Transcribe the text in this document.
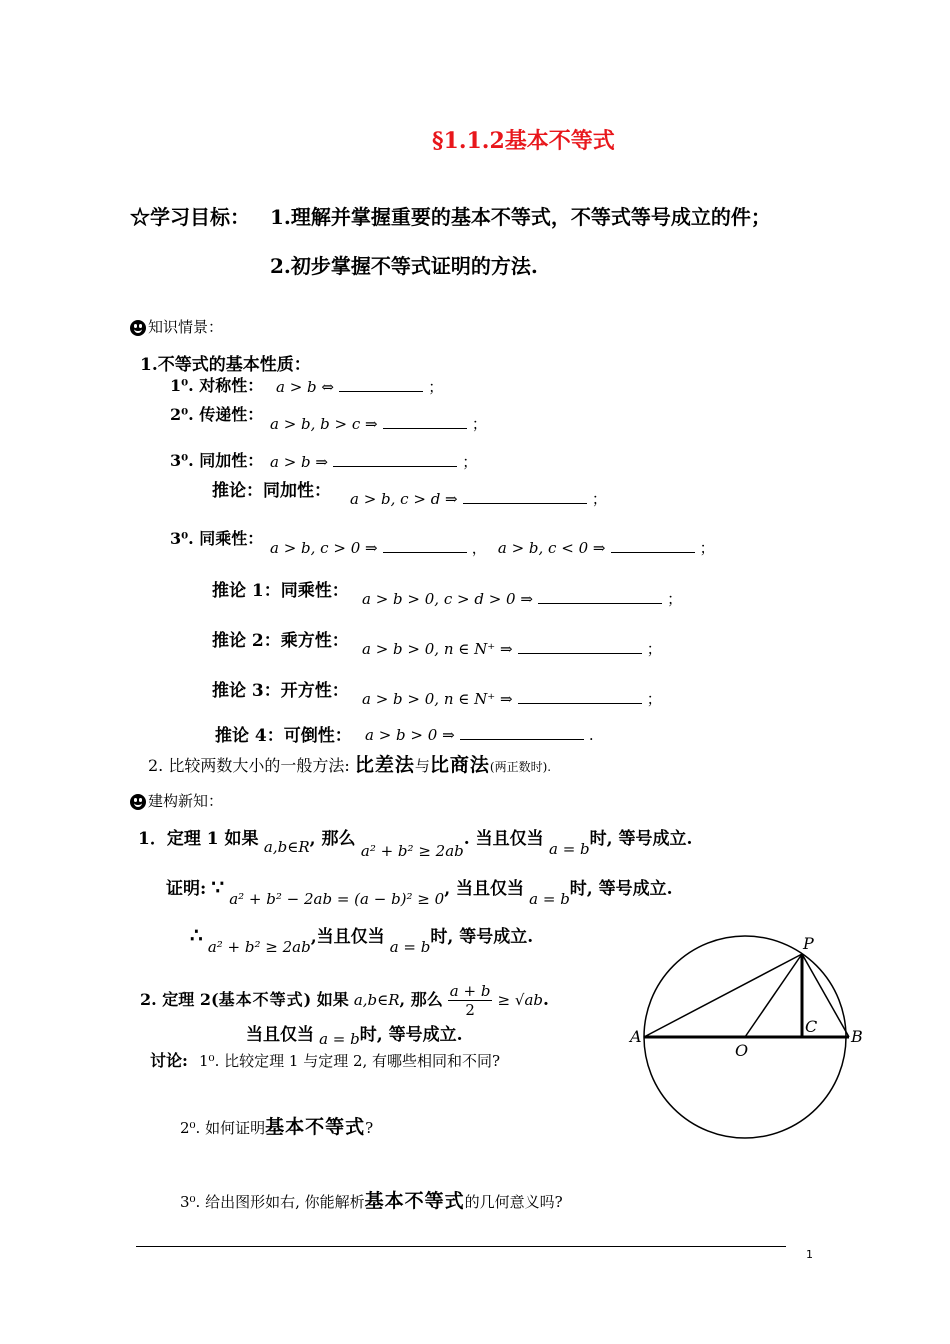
§1.1.2基本不等式
☆学习目标： 1.理解并掌握重要的基本不等式，不等式等号成立的件；
2.初步掌握不等式证明的方法.
知识情景：
1.不等式的基本性质：
1⁰. 对称性： a > b ⇔	；
2⁰. 传递性： a > b, b > c ⇒	；
3⁰. 同加性： a > b ⇒	；
推论：同加性： a > b, c > d ⇒	；
3⁰. 同乘性： a > b, c > 0 ⇒	， a > b, c < 0 ⇒	；
推论 1：同乘性： a > b > 0, c > d > 0 ⇒	；
推论 2：乘方性： a > b > 0, n ∈ N⁺ ⇒	；
推论 3：开方性： a > b > 0, n ∈ N⁺ ⇒	；
推论 4：可倒性： a > b > 0 ⇒	.
2. 比较两数大小的一般方法: 比差法与比商法(两正数时).
建构新知：
1．定理 1 如果 a,b∈R, 那么 a² + b² ≥ 2ab. 当且仅当 a = b时, 等号成立.
证明: ∵ a² + b² − 2ab = (a − b)² ≥ 0, 当且仅当 a = b时, 等号成立.
∴ a² + b² ≥ 2ab,当且仅当 a = b时, 等号成立.
2. 定理 2(基本不等式) 如果 a,b∈R, 那么 $\frac{a + b}{2} \ge √ab$.
当且仅当 a = b时, 等号成立.
讨论: 1⁰. 比较定理 1 与定理 2, 有哪些相同和不同?
2⁰. 如何证明基本不等式?
3⁰. 给出图形如右, 你能解析基本不等式的几何意义吗?
P
A	B
C
O
1
